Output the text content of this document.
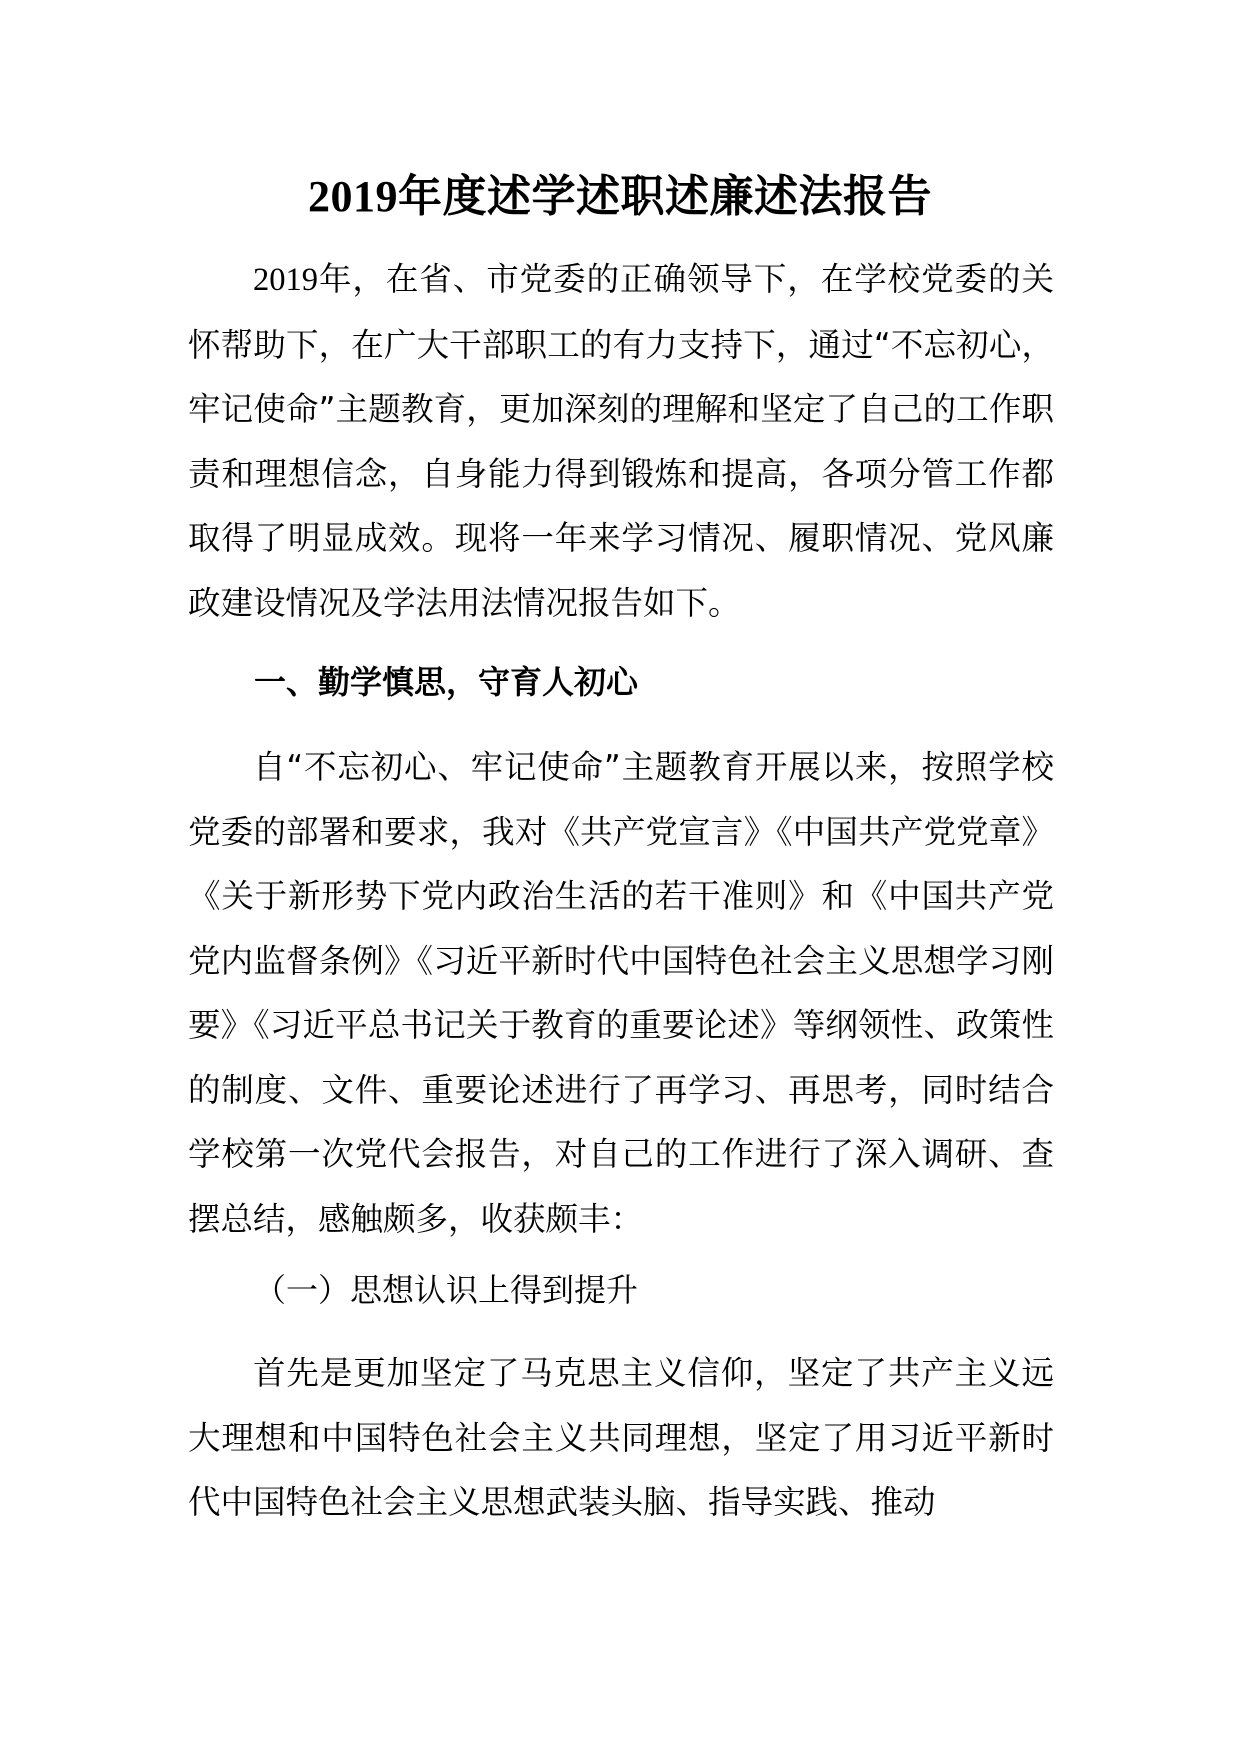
2019年度述学述职述廉述法报告

2019年，在省、市党委的正确领导下，在学校党委的关怀帮助下，在广大干部职工的有力支持下，通过“不忘初心，牢记使命”主题教育，更加深刻的理解和坚定了自己的工作职责和理想信念，自身能力得到锻炼和提高，各项分管工作都取得了明显成效。现将一年来学习情况、履职情况、党风廉政建设情况及学法用法情况报告如下。

一、勤学慎思，守育人初心

自“不忘初心、牢记使命”主题教育开展以来，按照学校党委的部署和要求，我对《共产党宣言》《中国共产党党章》《关于新形势下党内政治生活的若干准则》和《中国共产党党内监督条例》《习近平新时代中国特色社会主义思想学习刚要》《习近平总书记关于教育的重要论述》等纲领性、政策性的制度、文件、重要论述进行了再学习、再思考，同时结合学校第一次党代会报告，对自己的工作进行了深入调研、查摆总结，感触颇多，收获颇丰：

（一）思想认识上得到提升

首先是更加坚定了马克思主义信仰，坚定了共产主义远大理想和中国特色社会主义共同理想，坚定了用习近平新时代中国特色社会主义思想武装头脑、指导实践、推动
